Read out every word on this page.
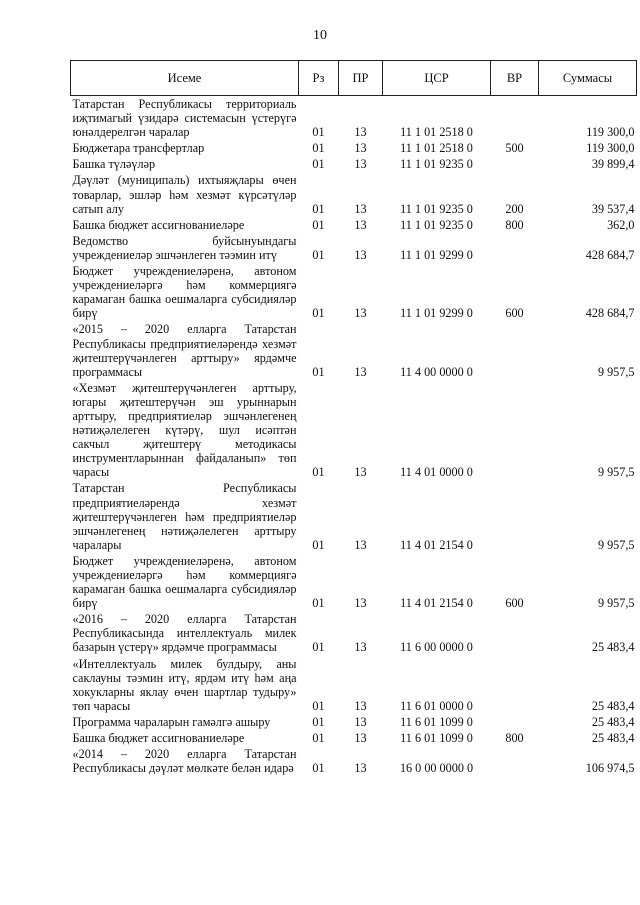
10
Исеме	Рз	ПР	ЦСР	ВР	Суммасы
Татарстан Республикасы территориаль иҗтимагый үзидарә системасын үстерүгә юнәлдерелгән чаралар	01	13	11 1 01 2518 0		119 300,0
Бюджетара трансфертлар	01	13	11 1 01 2518 0	500	119 300,0
Башка түләүләр	01	13	11 1 01 9235 0		39 899,4
Дәүләт (муниципаль) ихтыяҗлары өчен товарлар, эшләр һәм хезмәт күрсәтүләр сатып алу	01	13	11 1 01 9235 0	200	39 537,4
Башка бюджет ассигнованиеләре	01	13	11 1 01 9235 0	800	362,0
Ведомство буйсынуындагы учреждениеләр эшчәнлеген тәэмин итү	01	13	11 1 01 9299 0		428 684,7
Бюджет учреждениеләренә, автоном учреждениеләргә һәм коммерциягә карамаган башка оешмаларга субсидияләр бирү	01	13	11 1 01 9299 0	600	428 684,7
«2015 – 2020 елларга Татарстан Республикасы предприятиеләрендә хезмәт җитештерүчәнлеген арттыру» ярдәмче программасы	01	13	11 4 00 0000 0		9 957,5
«Хезмәт җитештерүчәнлеген арттыру, югары җитештерүчән эш урыннарын арттыру, предприятиеләр эшчәнлегенең нәтиҗәлелеген күтәрү, шул исәптән сакчыл җитештерү методикасы инструментларыннан файдаланып» төп чарасы	01	13	11 4 01 0000 0		9 957,5
Татарстан Республикасы предприятиеләрендә хезмәт җитештерүчәнлеген һәм предприятиеләр эшчәнлегенең нәтиҗәлелеген арттыру чаралары	01	13	11 4 01 2154 0		9 957,5
Бюджет учреждениеләренә, автоном учреждениеләргә һәм коммерциягә карамаган башка оешмаларга субсидияләр бирү	01	13	11 4 01 2154 0	600	9 957,5
«2016 – 2020 елларга Татарстан Республикасында интеллектуаль милек базарын үстерү» ярдәмче программасы	01	13	11 6 00 0000 0		25 483,4
«Интеллектуаль милек булдыру, аны саклауны тәэмин итү, ярдәм итү һәм аңа хокукларны яклау өчен шартлар тудыру» төп чарасы	01	13	11 6 01 0000 0		25 483,4
Программа чараларын гамәлгә ашыру	01	13	11 6 01 1099 0		25 483,4
Башка бюджет ассигнованиеләре	01	13	11 6 01 1099 0	800	25 483,4
«2014 – 2020 елларга Татарстан Республикасы дәүләт мөлкәте белән идарә	01	13	16 0 00 0000 0		106 974,5
